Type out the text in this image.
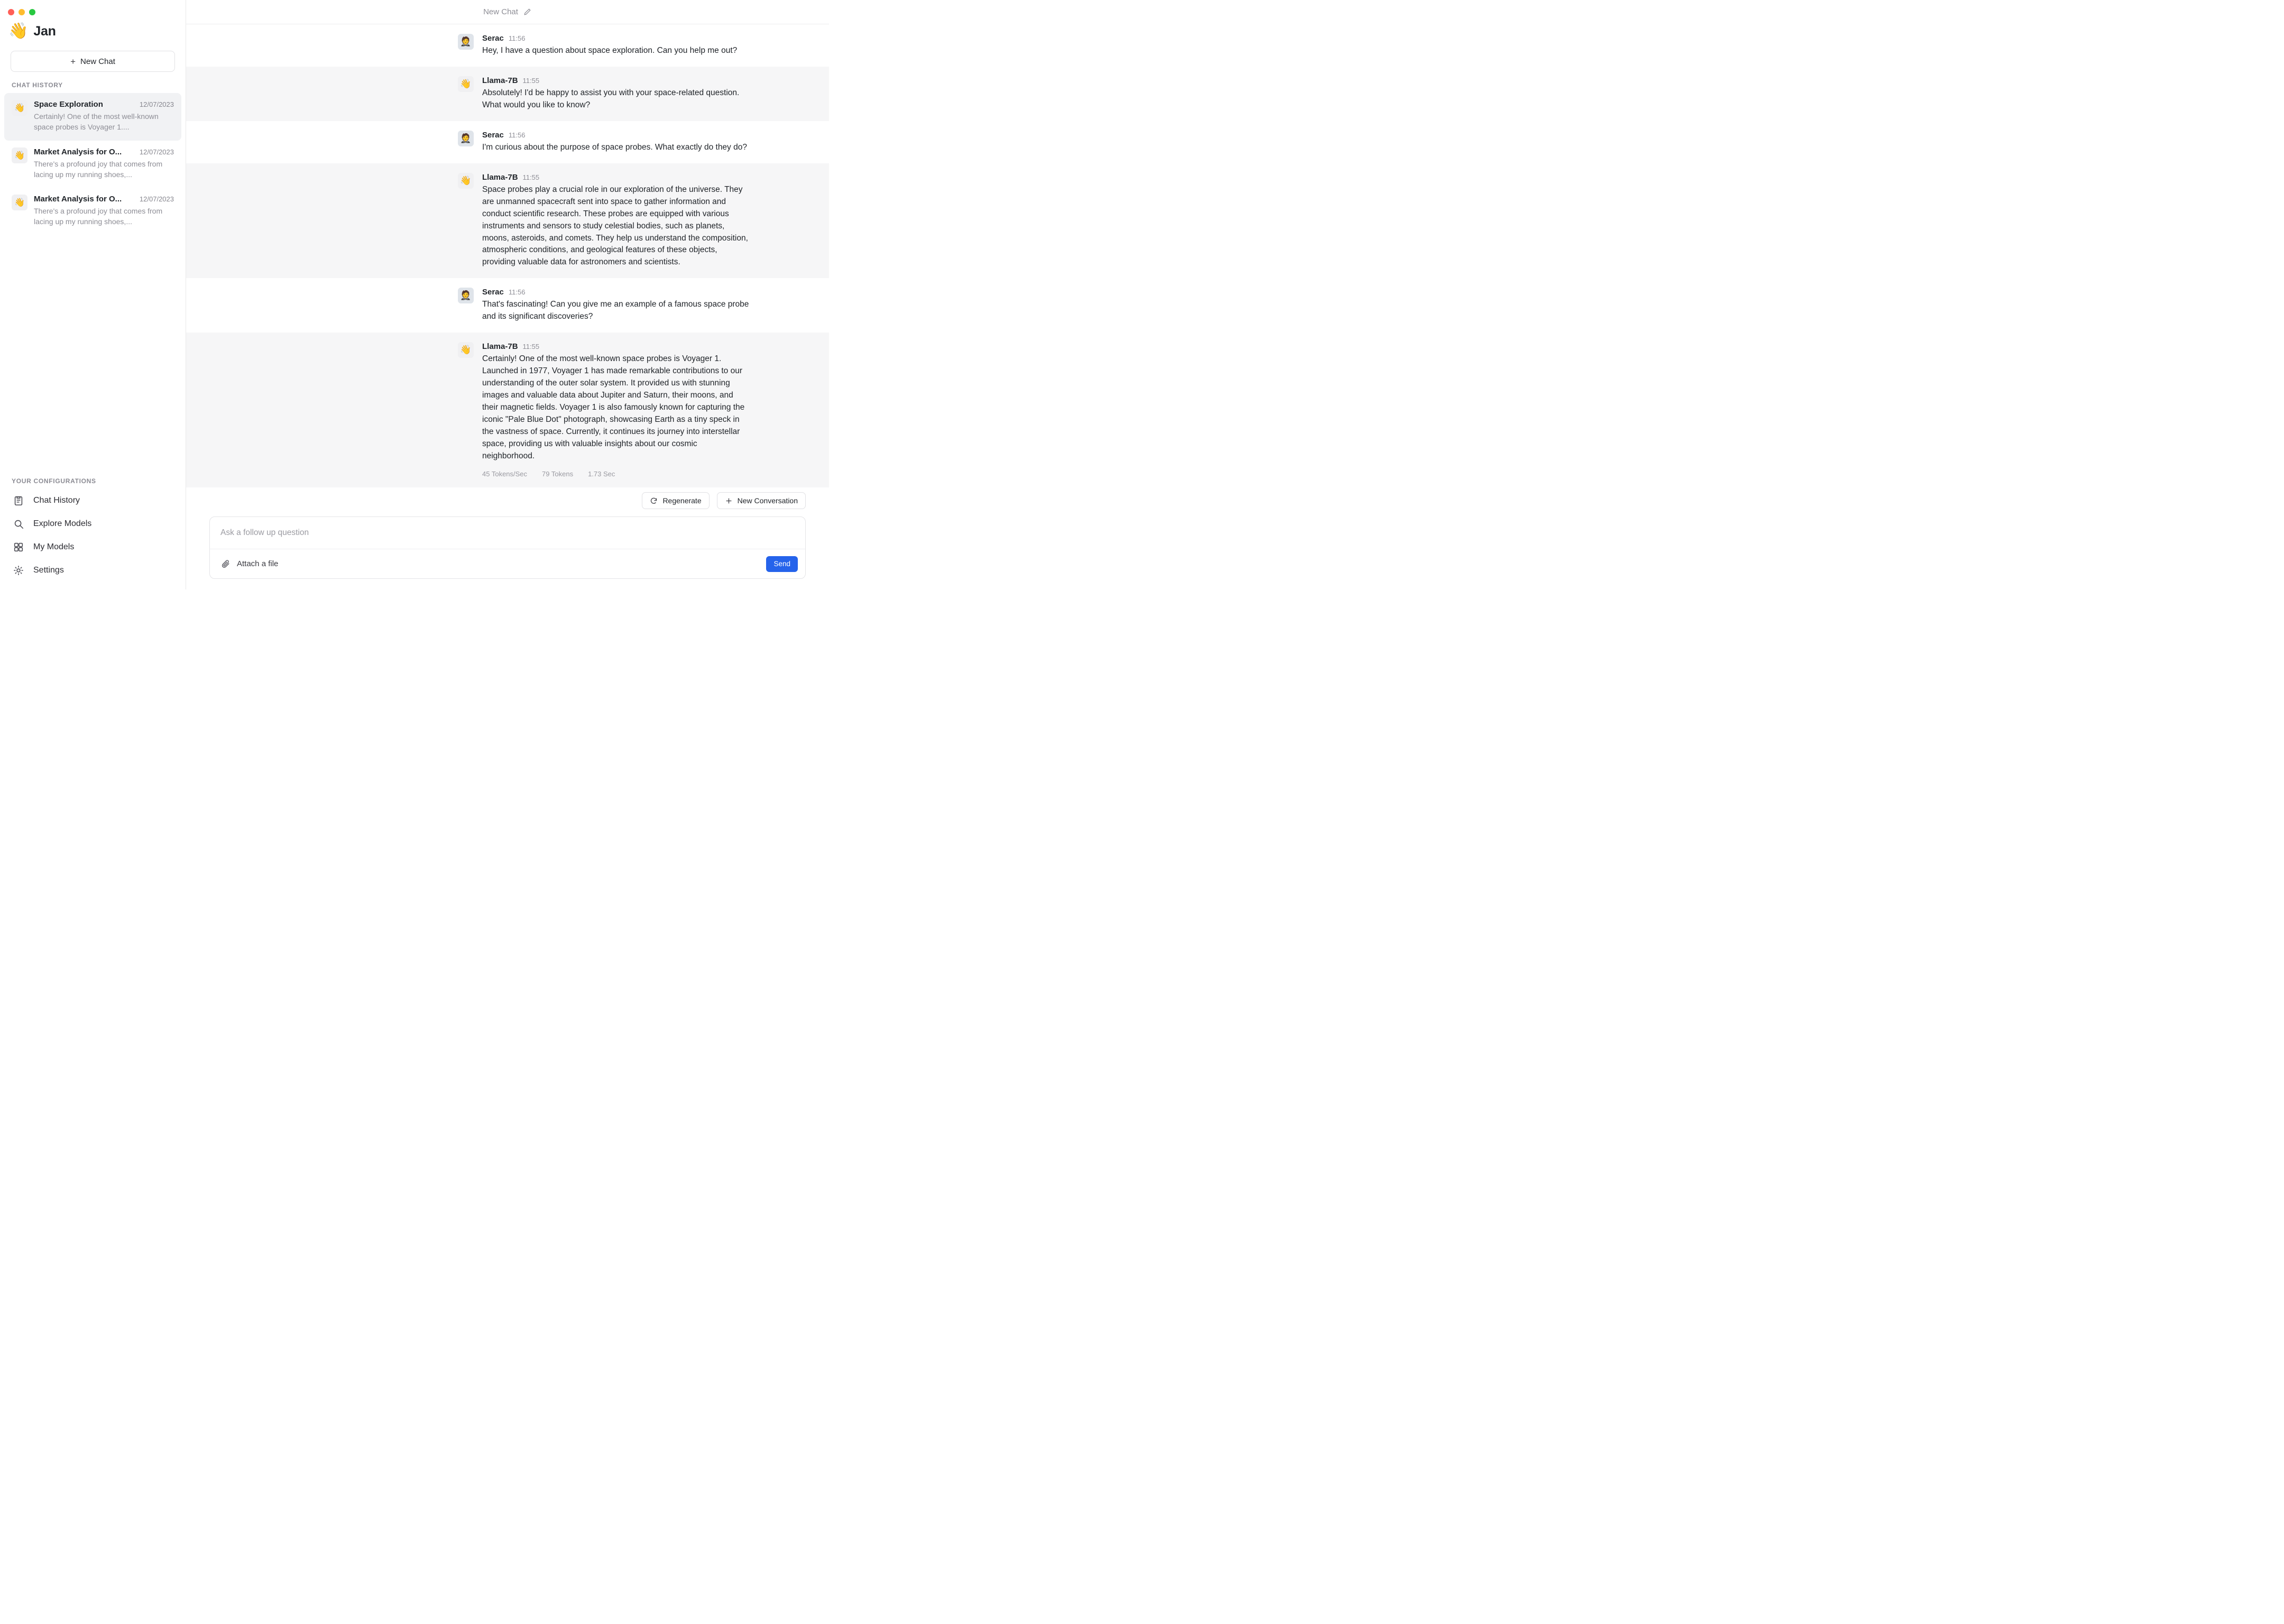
👋 Jan
+ New Chat
CHAT HISTORY
👋	Space Exploration	12/07/2023
Certainly! One of the most well-known space probes is Voyager 1....
👋	Market Analysis for O...	12/07/2023
There's a profound joy that comes from lacing up my running shoes,...
👋	Market Analysis for O...	12/07/2023
There's a profound joy that comes from lacing up my running shoes,...
YOUR CONFIGURATIONS
Chat History
Explore Models
My Models
Settings
New Chat
🤵 Serac 11:56
Hey, I have a question about space exploration. Can you help me out?
👋 Llama-7B 11:55
Absolutely! I'd be happy to assist you with your space-related question. What would you like to know?
🤵 Serac 11:56
I'm curious about the purpose of space probes. What exactly do they do?
👋 Llama-7B 11:55
Space probes play a crucial role in our exploration of the universe. They are unmanned spacecraft sent into space to gather information and conduct scientific research. These probes are equipped with various instruments and sensors to study celestial bodies, such as planets, moons, asteroids, and comets. They help us understand the composition, atmospheric conditions, and geological features of these objects, providing valuable data for astronomers and scientists.
🤵 Serac 11:56
That's fascinating! Can you give me an example of a famous space probe and its significant discoveries?
👋 Llama-7B 11:55
Certainly! One of the most well-known space probes is Voyager 1. Launched in 1977, Voyager 1 has made remarkable contributions to our understanding of the outer solar system. It provided us with stunning images and valuable data about Jupiter and Saturn, their moons, and their magnetic fields. Voyager 1 is also famously known for capturing the iconic "Pale Blue Dot" photograph, showcasing Earth as a tiny speck in the vastness of space. Currently, it continues its journey into interstellar space, providing us with valuable insights about our cosmic neighborhood.
45 Tokens/Sec 79 Tokens 1.73 Sec
Regenerate	New Conversation
Ask a follow up question
Attach a file	Send
